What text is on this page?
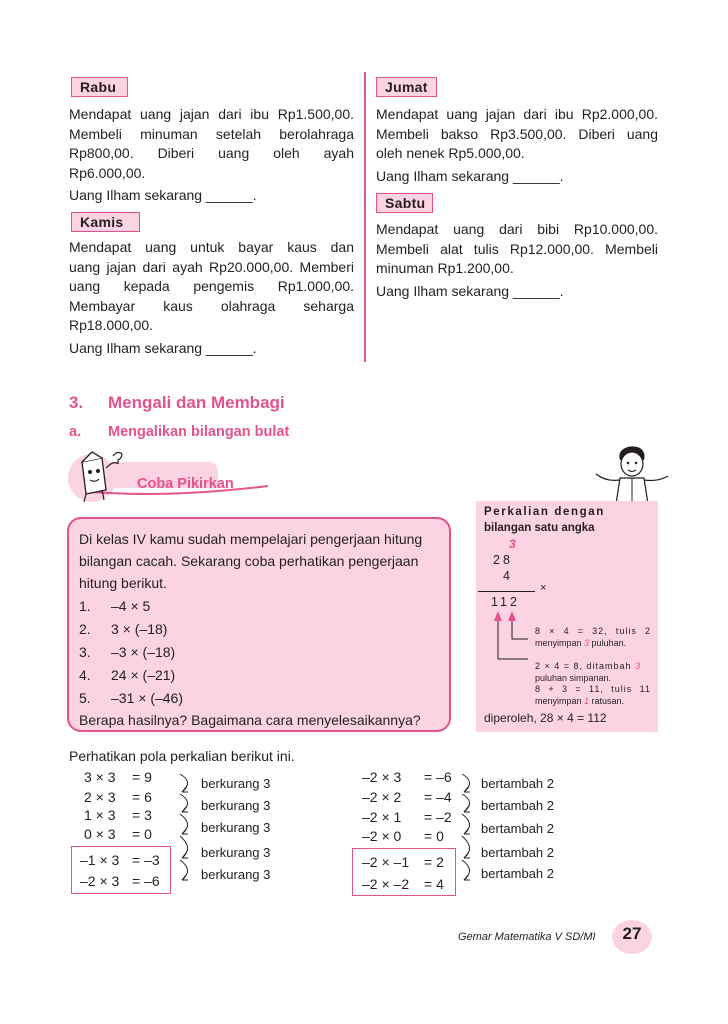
Rabu
Mendapat uang jajan dari ibu Rp1.500,00.
Membeli minuman setelah berolahraga
Rp800,00. Diberi uang oleh ayah
Rp6.000,00.
Uang Ilham sekarang ______.
Kamis
Mendapat uang untuk bayar kaus dan
uang jajan dari ayah Rp20.000,00. Memberi
uang kepada pengemis Rp1.000,00.
Membayar kaus olahraga seharga
Rp18.000,00.
Uang Ilham sekarang ______.
Jumat
Mendapat uang jajan dari ibu Rp2.000,00.
Membeli bakso Rp3.500,00. Diberi uang
oleh nenek Rp5.000,00.
Uang Ilham sekarang ______.
Sabtu
Mendapat uang dari bibi Rp10.000,00.
Membeli alat tulis Rp12.000,00. Membeli
minuman Rp1.200,00.
Uang Ilham sekarang ______.
3. Mengali dan Membagi
a. Mengalikan bilangan bulat
Coba Pikirkan
Di kelas IV kamu sudah mempelajari pengerjaan hitung
bilangan cacah. Sekarang coba perhatikan pengerjaan
hitung berikut.
1. –4 × 5
2. 3 × (–18)
3. –3 × (–18)
4. 24 × (–21)
5. –31 × (–46)
Berapa hasilnya? Bagaimana cara menyelesaikannya?
Perkalian dengan
bilangan satu angka
3
28
4
×
112
8 × 4 = 32, tulis 2
menyimpan 3 puluhan.
2 × 4 = 8, ditambah 3
puluhan simpanan.
8 + 3 = 11, tulis 11
menyimpan 1 ratusan.
diperoleh, 28 × 4 = 112
Perhatikan pola perkalian berikut ini.
3 × 3 = 9
2 × 3 = 6
1 × 3 = 3
0 × 3 = 0
–1 × 3 = –3
–2 × 3 = –6
berkurang 3
berkurang 3
berkurang 3
berkurang 3
berkurang 3
–2 × 3 = –6
–2 × 2 = –4
–2 × 1 = –2
–2 × 0 = 0
–2 × –1 = 2
–2 × –2 = 4
bertambah 2
bertambah 2
bertambah 2
bertambah 2
bertambah 2
Gemar Matematika V SD/MI	27
